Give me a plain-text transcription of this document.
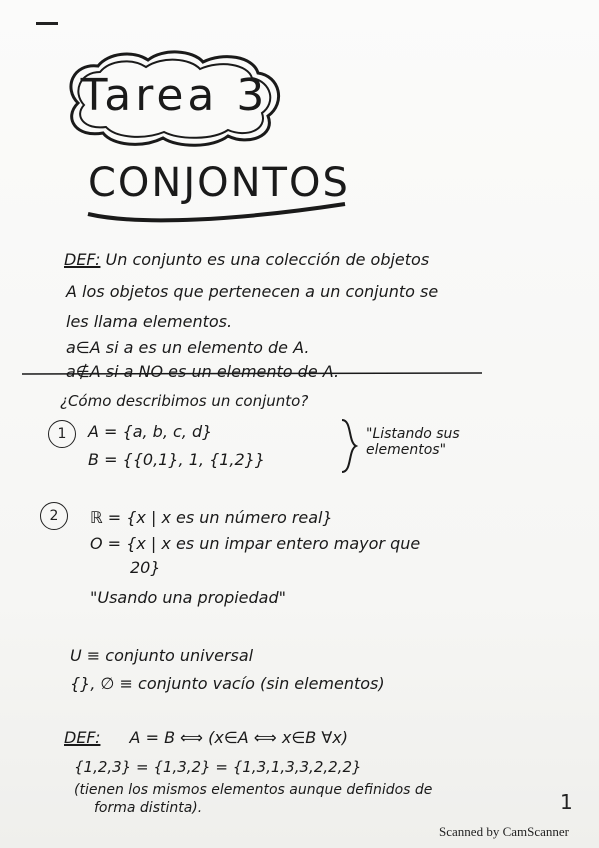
Tarea 3
CONJONTOS
DEF: Un conjunto es una colección de objetos
A los objetos que pertenecen a un conjunto se
les llama elementos.
a∈A si a es un elemento de A.
a∉A si a NO es un elemento de A.
¿Cómo describimos un conjunto?
1	A = {a, b, c, d}
B = {{0,1}, 1, {1,2}}
"Listando sus elementos"
2	ℝ = {x | x es un número real}
O = {x | x es un impar entero mayor que
20}
"Usando una propiedad"
U ≡ conjunto universal
{}, ∅ ≡ conjunto vacío (sin elementos)
DEF: A = B ⟺ (x∈A ⟺ x∈B ∀x)
{1,2,3} = {1,3,2} = {1,3,1,3,3,2,2,2}
(tienen los mismos elementos aunque definidos de
forma distinta).	1
Scanned by CamScanner
